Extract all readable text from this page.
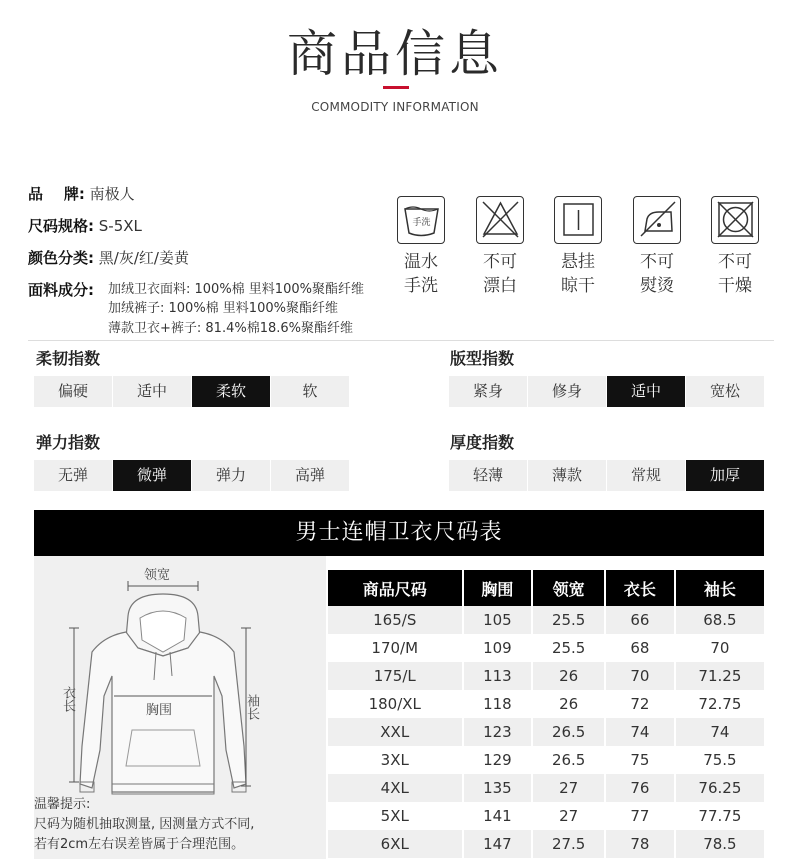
商品信息
COMMODITY INFORMATION
品    牌: 南极人
尺码规格: S-5XL
颜色分类: 黑/灰/红/姜黄
面料成分: 加绒卫衣面料: 100%棉 里料100%聚酯纤维
加绒裤子: 100%棉 里料100%聚酯纤维
薄款卫衣+裤子: 81.4%棉18.6%聚酯纤维
手洗
温水
手洗
不可
漂白
悬挂
晾干
不可
熨烫
不可
干燥
柔韧指数
偏硬	适中	柔软	软
版型指数
紧身	修身	适中	宽松
弹力指数
无弹	微弹	弹力	高弹
厚度指数
轻薄	薄款	常规	加厚
男士连帽卫衣尺码表
领宽
衣长	胸围	袖长
温馨提示:
尺码为随机抽取测量, 因测量方式不同,
若有2cm左右误差皆属于合理范围。
商品尺码	胸围	领宽	衣长	袖长
165/S	105	25.5	66	68.5
170/M	109	25.5	68	70
175/L	113	26	70	71.25
180/XL	118	26	72	72.75
XXL	123	26.5	74	74
3XL	129	26.5	75	75.5
4XL	135	27	76	76.25
5XL	141	27	77	77.75
6XL	147	27.5	78	78.5
